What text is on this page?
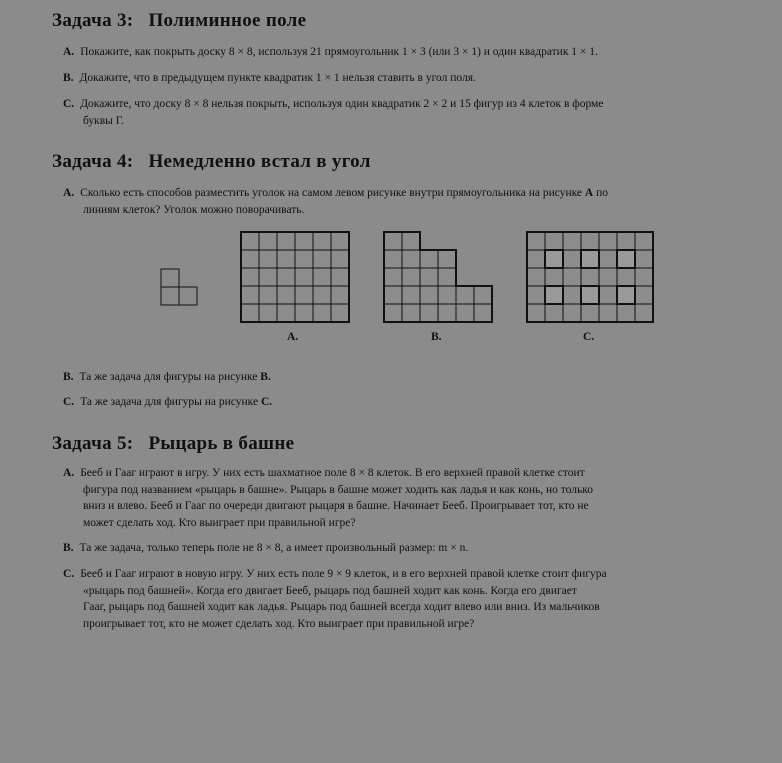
Задача 3: Полиминное поле

A. Покажите, как покрыть доску 8 × 8, используя 21 прямоугольник 1 × 3 (или 3 × 1) и один квадратик 1 × 1.

B. Докажите, что в предыдущем пункте квадратик 1 × 1 нельзя ставить в угол поля.

C. Докажите, что доску 8 × 8 нельзя покрыть, используя один квадратик 2 × 2 и 15 фигур из 4 клеток в форме
буквы Г.

Задача 4: Немедленно встал в угол

A. Сколько есть способов разместить уголок на самом левом рисунке внутри прямоугольника на рисунке A по
линиям клеток? Уголок можно поворачивать.

A.	B.	C.

B. Та же задача для фигуры на рисунке B.

C. Та же задача для фигуры на рисунке C.

Задача 5: Рыцарь в башне

A. Бееб и Гааг играют в игру. У них есть шахматное поле 8 × 8 клеток. В его верхней правой клетке стоит
фигура под названием «рыцарь в башне». Рыцарь в башне может ходить как ладья и как конь, но только
вниз и влево. Бееб и Гааг по очереди двигают рыцаря в башне. Начинает Бееб. Проигрывает тот, кто не
может сделать ход. Кто выиграет при правильной игре?

B. Та же задача, только теперь поле не 8 × 8, а имеет произвольный размер: m × n.

C. Бееб и Гааг играют в новую игру. У них есть поле 9 × 9 клеток, и в его верхней правой клетке стоит фигура
«рыцарь под башней». Когда его двигает Бееб, рыцарь под башней ходит как конь. Когда его двигает
Гааг, рыцарь под башней ходит как ладья. Рыцарь под башней всегда ходит влево или вниз. Из мальчиков
проигрывает тот, кто не может сделать ход. Кто выиграет при правильной игре?
